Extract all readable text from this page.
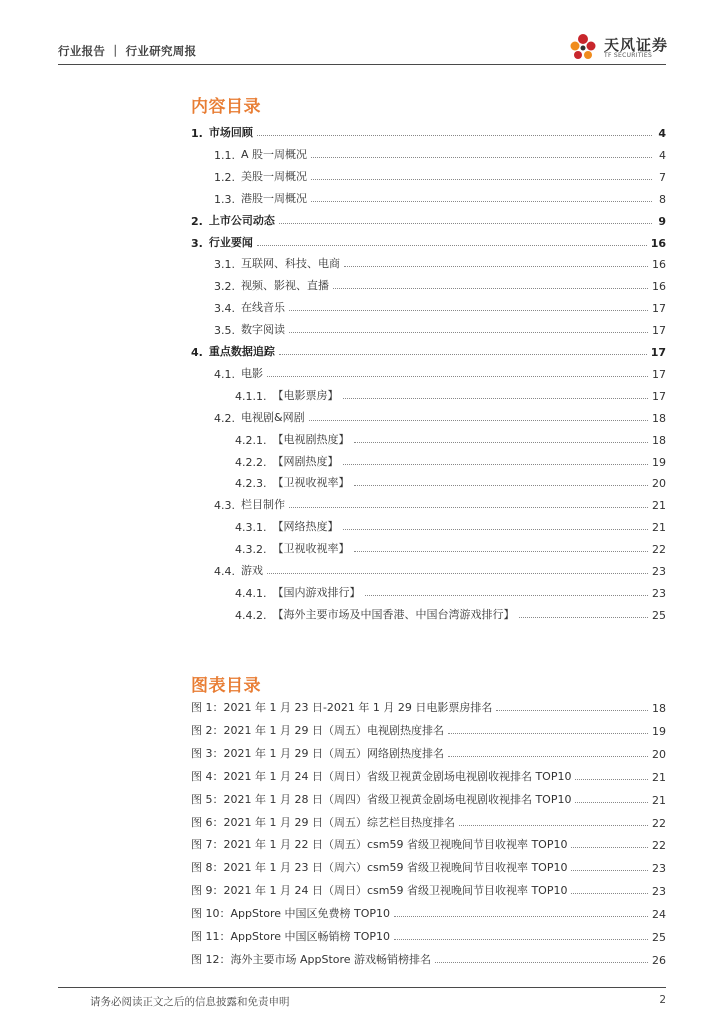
行业报告 ｜ 行业研究周报	天风证券
TF SECURITIES
内容目录
1. 市场回顾	4
1.1. A 股一周概况	4
1.2. 美股一周概况	7
1.3. 港股一周概况	8
2. 上市公司动态	9
3. 行业要闻	16
3.1. 互联网、科技、电商	16
3.2. 视频、影视、直播	16
3.4. 在线音乐	17
3.5. 数字阅读	17
4. 重点数据追踪	17
4.1. 电影	17
4.1.1. 【电影票房】	17
4.2. 电视剧&网剧	18
4.2.1. 【电视剧热度】	18
4.2.2. 【网剧热度】	19
4.2.3. 【卫视收视率】	20
4.3. 栏目制作	21
4.3.1. 【网络热度】	21
4.3.2. 【卫视收视率】	22
4.4. 游戏	23
4.4.1. 【国内游戏排行】	23
4.4.2. 【海外主要市场及中国香港、中国台湾游戏排行】	25
图表目录
图 1：2021 年 1 月 23 日-2021 年 1 月 29 日电影票房排名	18
图 2：2021 年 1 月 29 日（周五）电视剧热度排名	19
图 3：2021 年 1 月 29 日（周五）网络剧热度排名	20
图 4：2021 年 1 月 24 日（周日）省级卫视黄金剧场电视剧收视排名 TOP10	21
图 5：2021 年 1 月 28 日（周四）省级卫视黄金剧场电视剧收视排名 TOP10	21
图 6：2021 年 1 月 29 日（周五）综艺栏目热度排名	22
图 7：2021 年 1 月 22 日（周五）csm59 省级卫视晚间节目收视率 TOP10	22
图 8：2021 年 1 月 23 日（周六）csm59 省级卫视晚间节目收视率 TOP10	23
图 9：2021 年 1 月 24 日（周日）csm59 省级卫视晚间节目收视率 TOP10	23
图 10：AppStore 中国区免费榜 TOP10	24
图 11：AppStore 中国区畅销榜 TOP10	25
图 12：海外主要市场 AppStore 游戏畅销榜排名	26
请务必阅读正文之后的信息披露和免责申明	2
